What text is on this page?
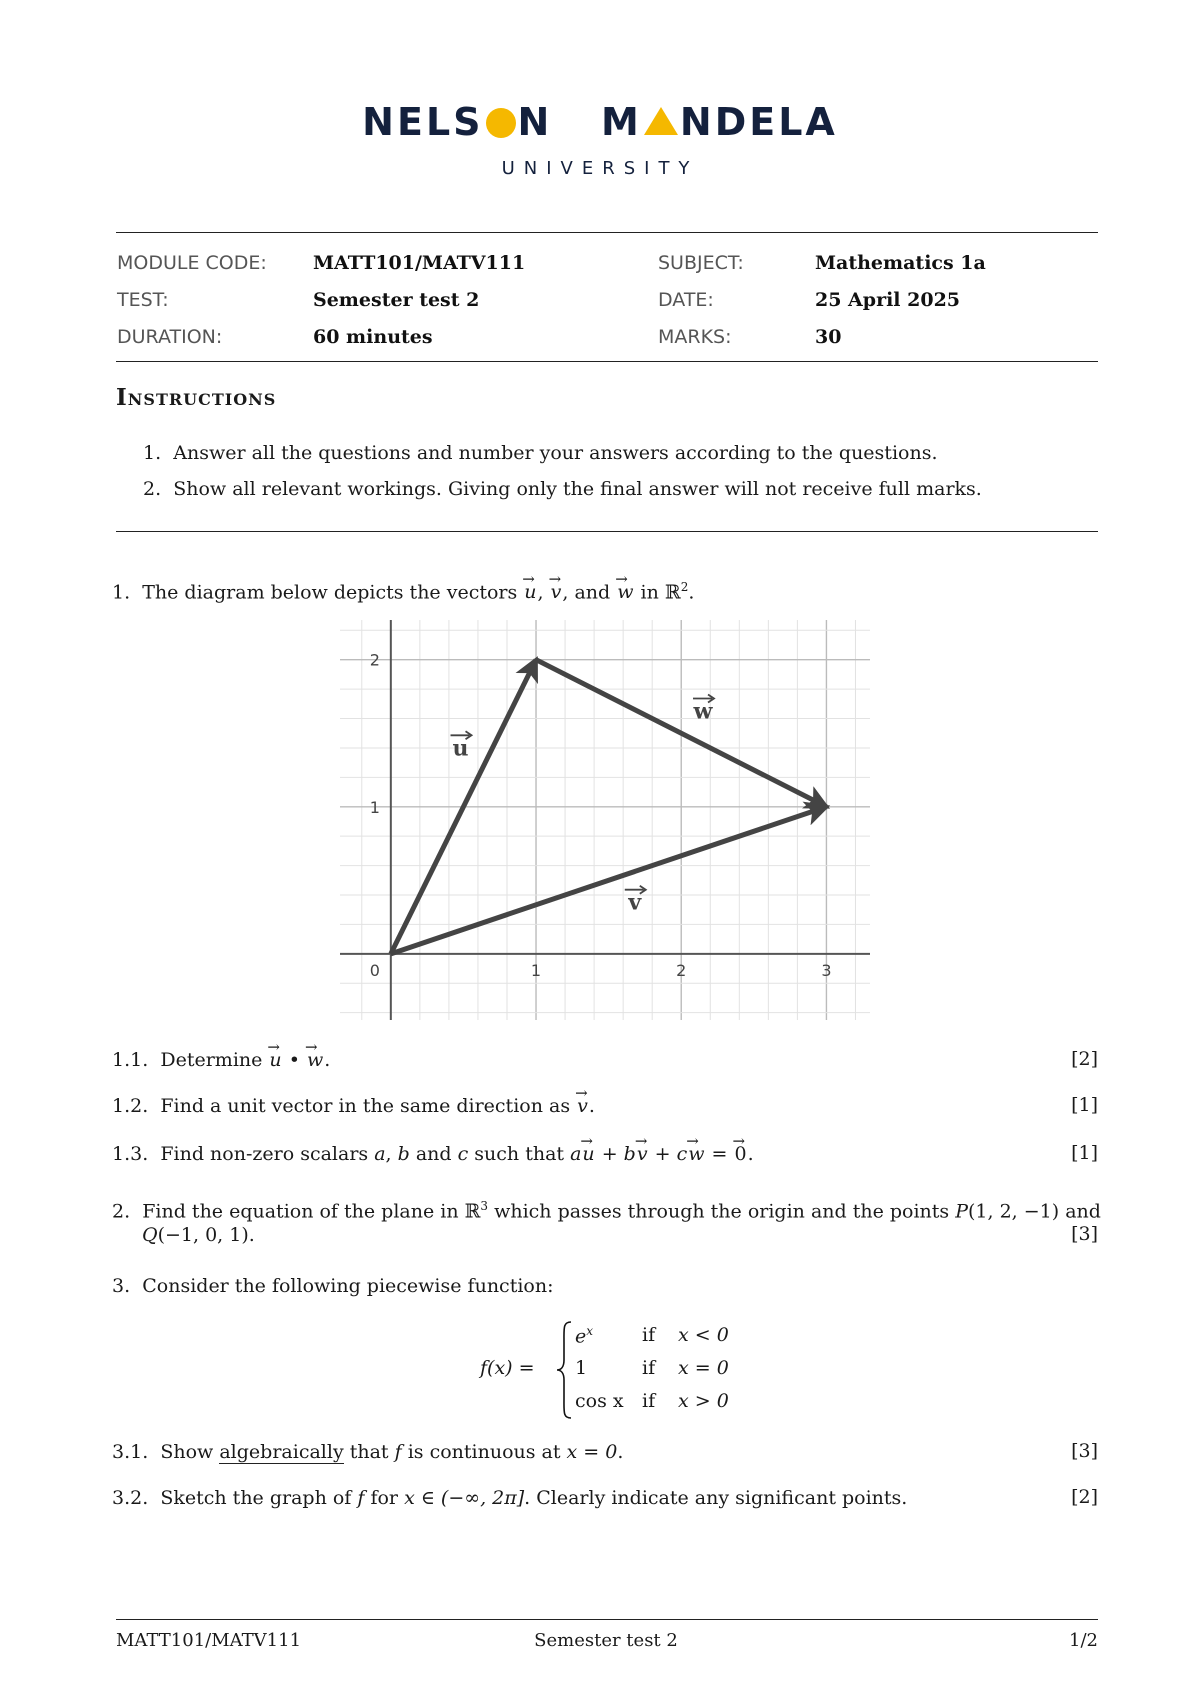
NELS N M NDELA
UNIVERSITY
MODULE CODE: MATT101/MATV111	SUBJECT:	Mathematics 1a
TEST:	Semester test 2	DATE:	25 April 2025
DURATION:	60 minutes	MARKS:	30
Instructions
1. Answer all the questions and number your answers according to the questions.
2. Show all relevant workings. Giving only the final answer will not receive full marks.
1. The diagram below depicts the vectors → u, → v, and → w in ℝ$^2$.
0	1	2	3
1
2
u
v
w
1.1. Determine → u • → w.	[2]
1.2. Find a unit vector in the same direction as → v.	[1]
1.3. Find non-zero scalars a, b and c such that a→ u + b→ v + c→ w = → 0.	[1]
2. Find the equation of the plane in ℝ$^3$ which passes through the origin and the points P(1, 2, −1) and
Q(−1, 0, 1).	[3]
3. Consider the following piecewise function:
f(x) =
$e^x$	if x < 0
1	if x = 0
cos x if x > 0
3.1. Show algebraically that f is continuous at x = 0.	[3]
3.2. Sketch the graph of f for x ∈ (−∞, 2π]. Clearly indicate any significant points.	[2]
MATT101/MATV111	Semester test 2	1/2
